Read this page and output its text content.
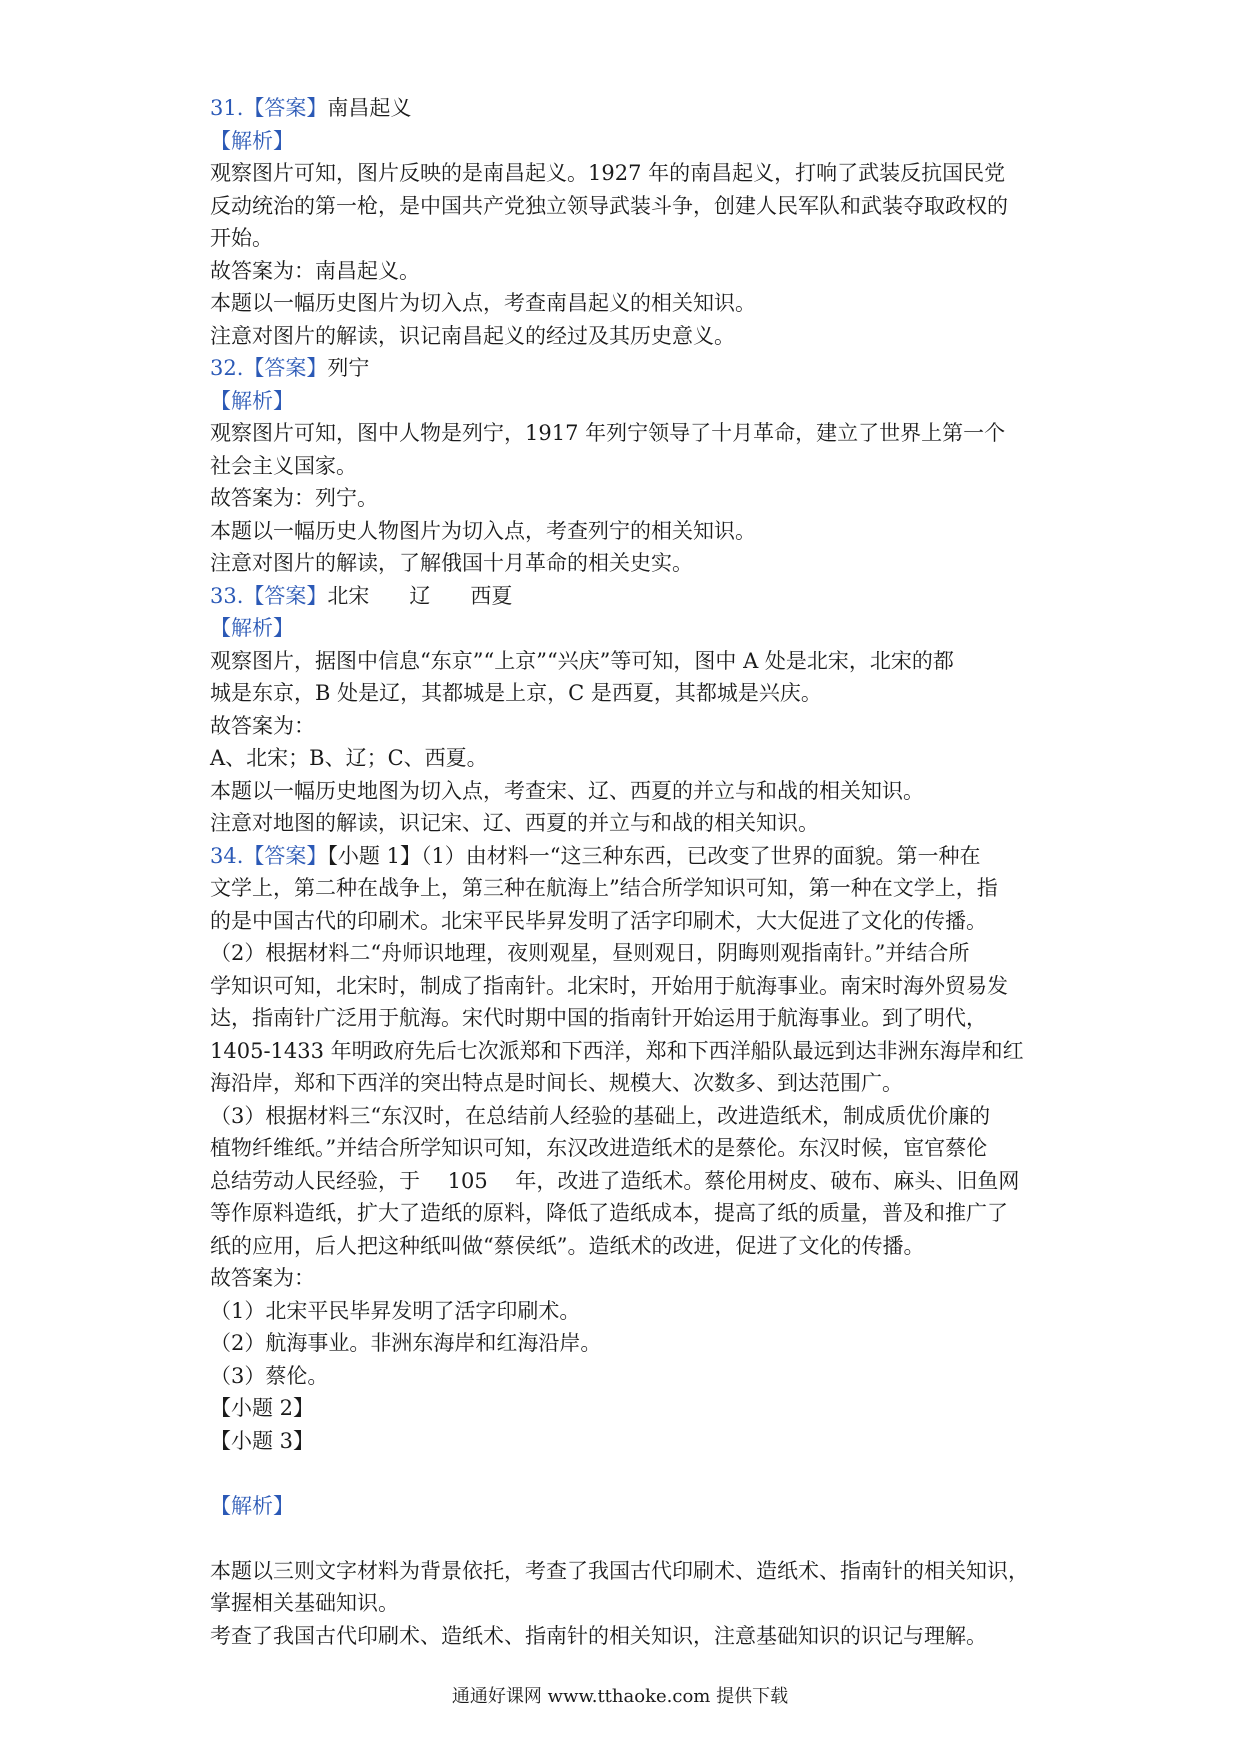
31.【答案】南昌起义
【解析】
观察图片可知，图片反映的是南昌起义。1927 年的南昌起义，打响了武装反抗国民党
反动统治的第一枪，是中国共产党独立领导武装斗争，创建人民军队和武装夺取政权的
开始。
故答案为：南昌起义。
本题以一幅历史图片为切入点，考查南昌起义的相关知识。
注意对图片的解读，识记南昌起义的经过及其历史意义。
32.【答案】列宁
【解析】
观察图片可知，图中人物是列宁，1917 年列宁领导了十月革命，建立了世界上第一个
社会主义国家。
故答案为：列宁。
本题以一幅历史人物图片为切入点，考查列宁的相关知识。
注意对图片的解读，了解俄国十月革命的相关史实。
33.【答案】北宋 辽 西夏
【解析】
观察图片，据图中信息“东京”“上京”“兴庆”等可知，图中 A 处是北宋，北宋的都
城是东京，B 处是辽，其都城是上京，C 是西夏，其都城是兴庆。
故答案为：
A、北宋；B、辽；C、西夏。
本题以一幅历史地图为切入点，考查宋、辽、西夏的并立与和战的相关知识。
注意对地图的解读，识记宋、辽、西夏的并立与和战的相关知识。
34.【答案】【小题 1】（1）由材料一“这三种东西，已改变了世界的面貌。第一种在
文学上，第二种在战争上，第三种在航海上”结合所学知识可知，第一种在文学上，指
的是中国古代的印刷术。北宋平民毕昇发明了活字印刷术，大大促进了文化的传播。
（2）根据材料二“舟师识地理，夜则观星，昼则观日，阴晦则观指南针。”并结合所
学知识可知，北宋时，制成了指南针。北宋时，开始用于航海事业。南宋时海外贸易发
达，指南针广泛用于航海。宋代时期中国的指南针开始运用于航海事业。到了明代，
1405-1433 年明政府先后七次派郑和下西洋，郑和下西洋船队最远到达非洲东海岸和红
海沿岸，郑和下西洋的突出特点是时间长、规模大、次数多、到达范围广。
（3）根据材料三“东汉时，在总结前人经验的基础上，改进造纸术，制成质优价廉的
植物纤维纸。”并结合所学知识可知，东汉改进造纸术的是蔡伦。东汉时候，宦官蔡伦
总结劳动人民经验，于　 105 　年，改进了造纸术。蔡伦用树皮、破布、麻头、旧鱼网
等作原料造纸，扩大了造纸的原料，降低了造纸成本，提高了纸的质量，普及和推广了
纸的应用，后人把这种纸叫做“蔡侯纸”。造纸术的改进，促进了文化的传播。
故答案为：
（1）北宋平民毕昇发明了活字印刷术。
（2）航海事业。非洲东海岸和红海沿岸。
（3）蔡伦。
【小题 2】
【小题 3】
【解析】
本题以三则文字材料为背景依托，考查了我国古代印刷术、造纸术、指南针的相关知识，
掌握相关基础知识。
考查了我国古代印刷术、造纸术、指南针的相关知识，注意基础知识的识记与理解。
通通好课网 www.tthaoke.com 提供下载
